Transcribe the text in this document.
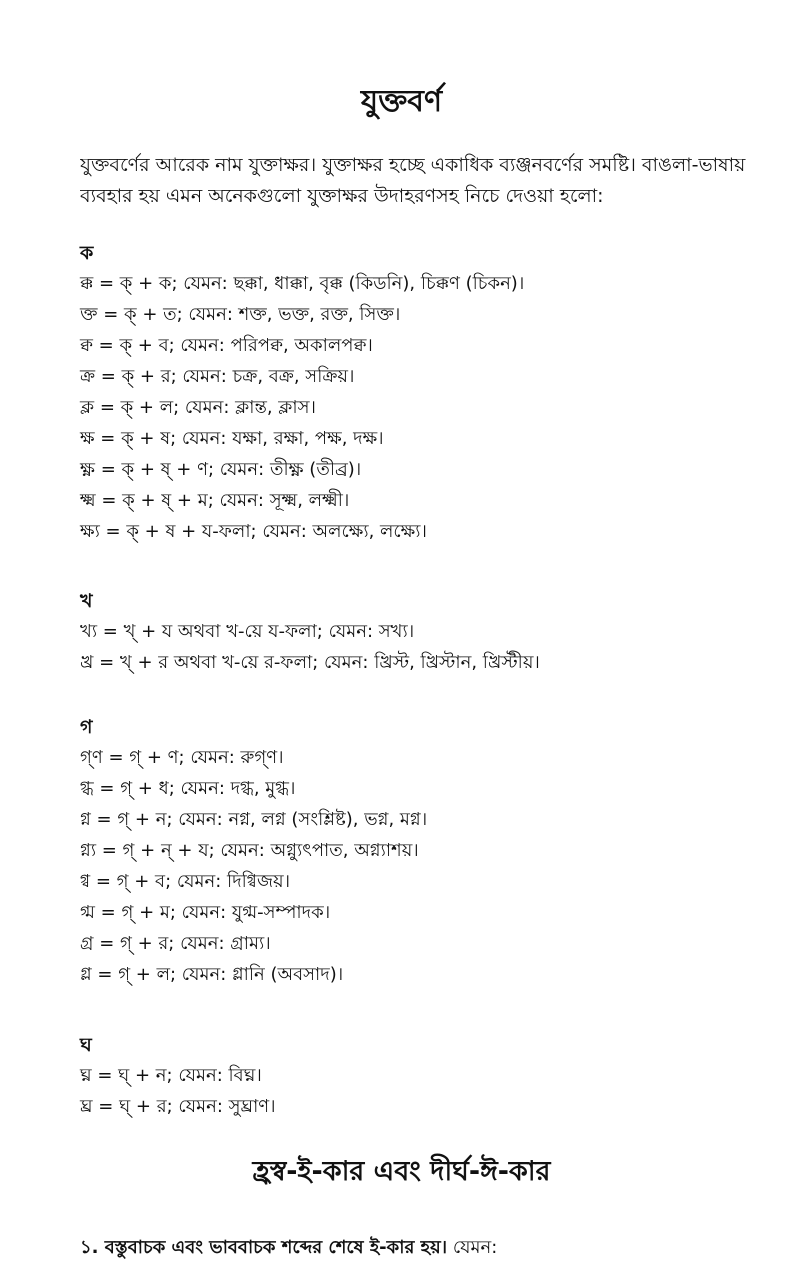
যুক্তবর্ণ
যুক্তবর্ণের আরেক নাম যুক্তাক্ষর। যুক্তাক্ষর হচ্ছে একাধিক ব্যঞ্জনবর্ণের সমষ্টি। বাঙলা-ভাষায়
ব্যবহার হয় এমন অনেকগুলো যুক্তাক্ষর উদাহরণসহ নিচে দেওয়া হলো:
ক
ক্ক = ক্ + ক; যেমন: ছক্কা, ধাক্কা, বৃক্ক (কিডনি), চিক্কণ (চিকন)।
ক্ত = ক্ + ত; যেমন: শক্ত, ভক্ত, রক্ত, সিক্ত।
ক্ব = ক্ + ব; যেমন: পরিপক্ব, অকালপক্ব।
ক্র = ক্ + র; যেমন: চক্র, বক্র, সক্রিয়।
ক্ল = ক্ + ল; যেমন: ক্লান্ত, ক্লাস।
ক্ষ = ক্ + ষ; যেমন: যক্ষা, রক্ষা, পক্ষ, দক্ষ।
ক্ষ্ণ = ক্ + ষ্ + ণ; যেমন: তীক্ষ্ণ (তীব্র)।
ক্ষ্ম = ক্ + ষ্ + ম; যেমন: সূক্ষ্ম, লক্ষ্মী।
ক্ষ্য = ক্ + ষ + য-ফলা; যেমন: অলক্ষ্যে, লক্ষ্যে।
খ
খ্য = খ্ + য অথবা খ-য়ে য-ফলা; যেমন: সখ্য।
খ্র = খ্ + র অথবা খ-য়ে র-ফলা; যেমন: খ্রিস্ট, খ্রিস্টান, খ্রিস্টীয়।
গ
গ্ণ = গ্ + ণ; যেমন: রুগ্ণ।
গ্ধ = গ্ + ধ; যেমন: দগ্ধ, মুগ্ধ।
গ্ন = গ্ + ন; যেমন: নগ্ন, লগ্ন (সংশ্লিষ্ট), ভগ্ন, মগ্ন।
গ্ন্য = গ্ + ন্ + য; যেমন: অগ্ন্যুৎপাত, অগ্ন্যাশয়।
গ্ব = গ্ + ব; যেমন: দিগ্বিজয়।
গ্ম = গ্ + ম; যেমন: যুগ্ম-সম্পাদক।
গ্র = গ্ + র; যেমন: গ্রাম্য।
গ্ল = গ্ + ল; যেমন: গ্লানি (অবসাদ)।
ঘ
ঘ্ন = ঘ্ + ন; যেমন: বিঘ্ন।
ঘ্র = ঘ্ + র; যেমন: সুঘ্রাণ।
হ্রস্ব-ই-কার এবং দীর্ঘ-ঈ-কার
১. বস্তুবাচক এবং ভাববাচক শব্দের শেষে ই-কার হয়। যেমন:
